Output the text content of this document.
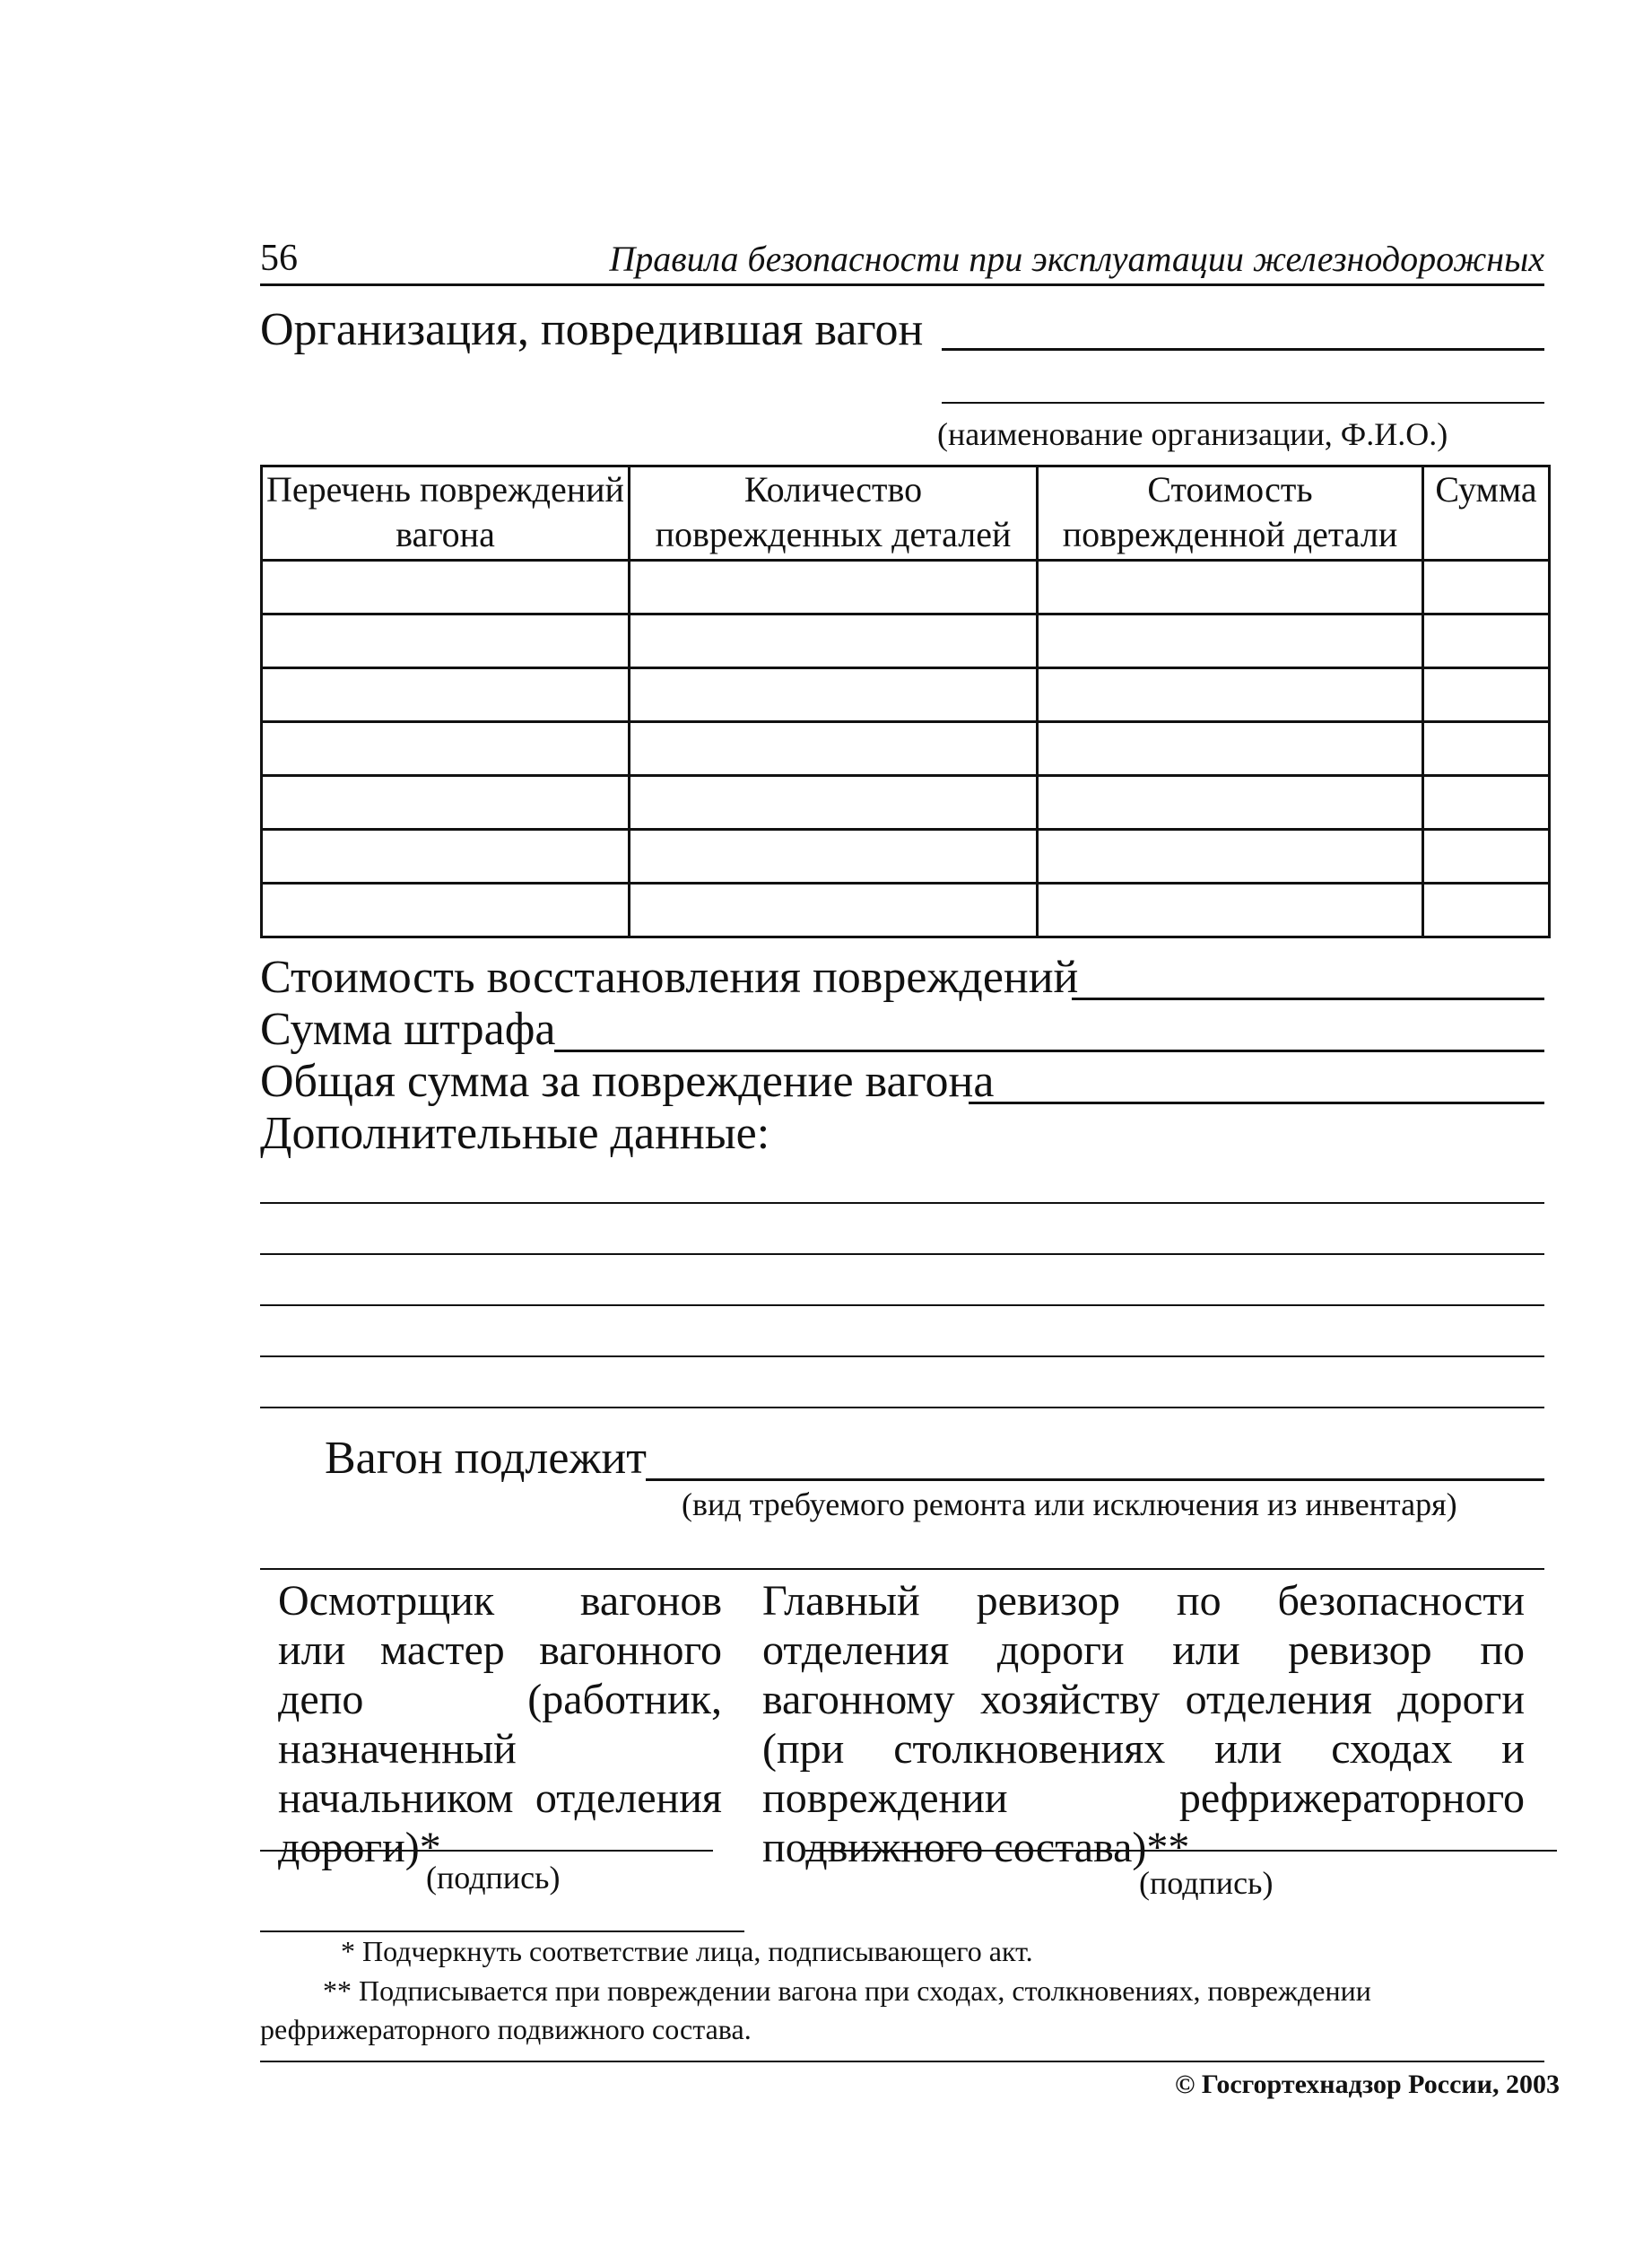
56	Правила безопасности при эксплуатации железнодорожных
Организация, повредившая вагон
(наименование организации, Ф.И.О.)
Перечень повреждений вагона	Количество поврежденных деталей	Стоимость поврежденной детали	Сумма

Стоимость восстановления повреждений
Сумма штрафа
Общая сумма за повреждение вагона
Дополнительные данные:
Вагон подлежит
(вид требуемого ремонта или исключения из инвентаря)
Осмотрщик вагонов или мастер вагонного депо (работник, назначенный начальником отделения дороги)*
Главный ревизор по безопасности отделения дороги или ревизор по вагонному хозяйству отделения дороги (при столкновениях или сходах и повреждении рефрижераторного подвижного состава)**
(подпись)	(подпись)
* Подчеркнуть соответствие лица, подписывающего акт.
** Подписывается при повреждении вагона при сходах, столкновениях, повреждении
рефрижераторного подвижного состава.
© Госгортехнадзор России, 2003
